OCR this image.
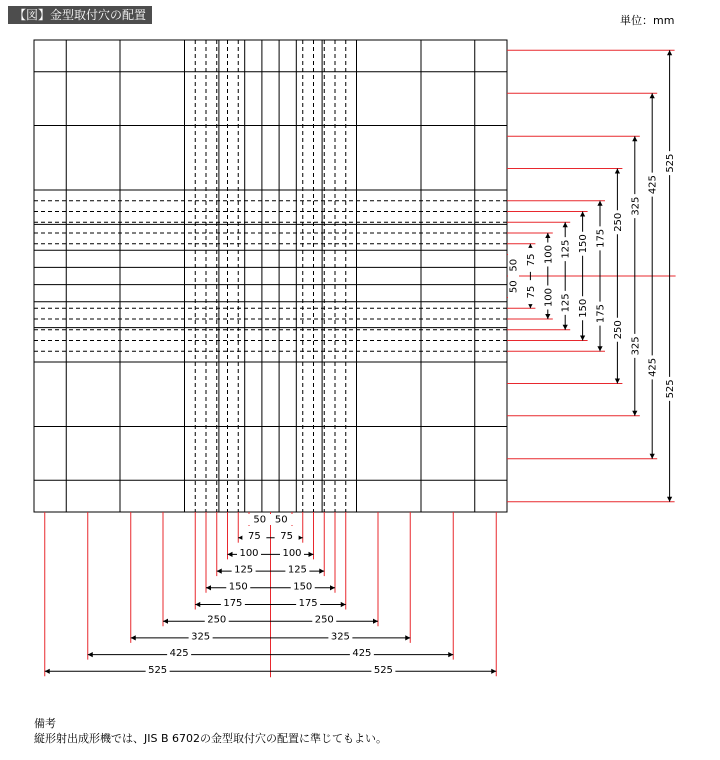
【図】金型取付穴の配置	単位：mm
50 50
75 75
100 100
125	125
150	150
175	175
250	250
325	325
425	425
525	525
50
50
75
75
100
100
125
125
150
150
175
175
250
250
325
325
425
425
525
525
備考
縦形射出成形機では、JIS B 6702の金型取付穴の配置に準じてもよい。
